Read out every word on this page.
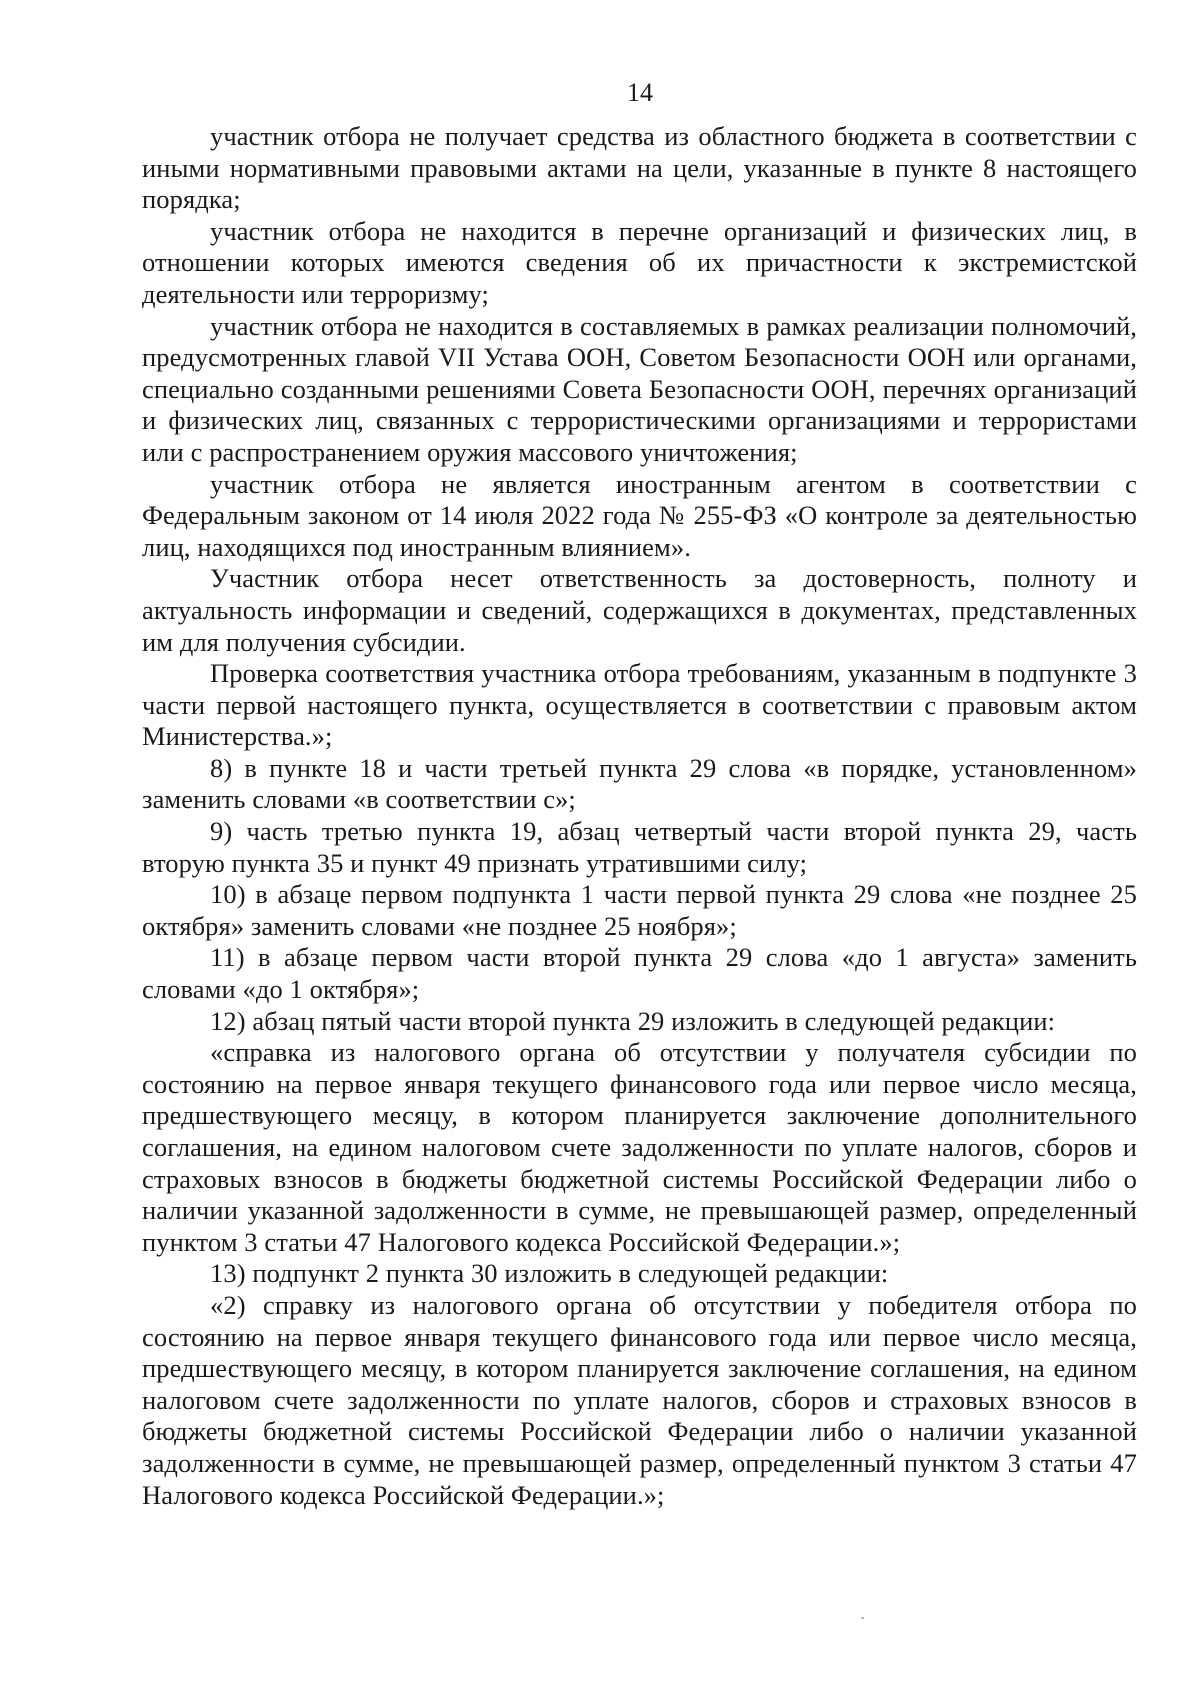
14

участник отбора не получает средства из областного бюджета в соответствии с иными нормативными правовыми актами на цели, указанные в пункте 8 настоящего порядка;

участник отбора не находится в перечне организаций и физических лиц, в отношении которых имеются сведения об их причастности к экстремистской деятельности или терроризму;

участник отбора не находится в составляемых в рамках реализации полномочий, предусмотренных главой VII Устава ООН, Советом Безопасности ООН или органами, специально созданными решениями Совета Безопасности ООН, перечнях организаций и физических лиц, связанных с террористическими организациями и террористами или с распространением оружия массового уничтожения;

участник отбора не является иностранным агентом в соответствии с Федеральным законом от 14 июля 2022 года № 255-ФЗ «О контроле за деятельностью лиц, находящихся под иностранным влиянием».

Участник отбора несет ответственность за достоверность, полноту и актуальность информации и сведений, содержащихся в документах, представленных им для получения субсидии.

Проверка соответствия участника отбора требованиям, указанным в подпункте 3 части первой настоящего пункта, осуществляется в соответствии с правовым актом Министерства.»;

8) в пункте 18 и части третьей пункта 29 слова «в порядке, установленном» заменить словами «в соответствии с»;

9) часть третью пункта 19, абзац четвертый части второй пункта 29, часть вторую пункта 35 и пункт 49 признать утратившими силу;

10) в абзаце первом подпункта 1 части первой пункта 29 слова «не позднее 25 октября» заменить словами «не позднее 25 ноября»;

11) в абзаце первом части второй пункта 29 слова «до 1 августа» заменить словами «до 1 октября»;

12) абзац пятый части второй пункта 29 изложить в следующей редакции:

«справка из налогового органа об отсутствии у получателя субсидии по состоянию на первое января текущего финансового года или первое число месяца, предшествующего месяцу, в котором планируется заключение дополнительного соглашения, на едином налоговом счете задолженности по уплате налогов, сборов и страховых взносов в бюджеты бюджетной системы Российской Федерации либо о наличии указанной задолженности в сумме, не превышающей размер, определенный пунктом 3 статьи 47 Налогового кодекса Российской Федерации.»;

13) подпункт 2 пункта 30 изложить в следующей редакции:

«2) справку из налогового органа об отсутствии у победителя отбора по состоянию на первое января текущего финансового года или первое число месяца, предшествующего месяцу, в котором планируется заключение соглашения, на едином налоговом счете задолженности по уплате налогов, сборов и страховых взносов в бюджеты бюджетной системы Российской Федерации либо о наличии указанной задолженности в сумме, не превышающей размер, определенный пунктом 3 статьи 47 Налогового кодекса Российской Федерации.»;
